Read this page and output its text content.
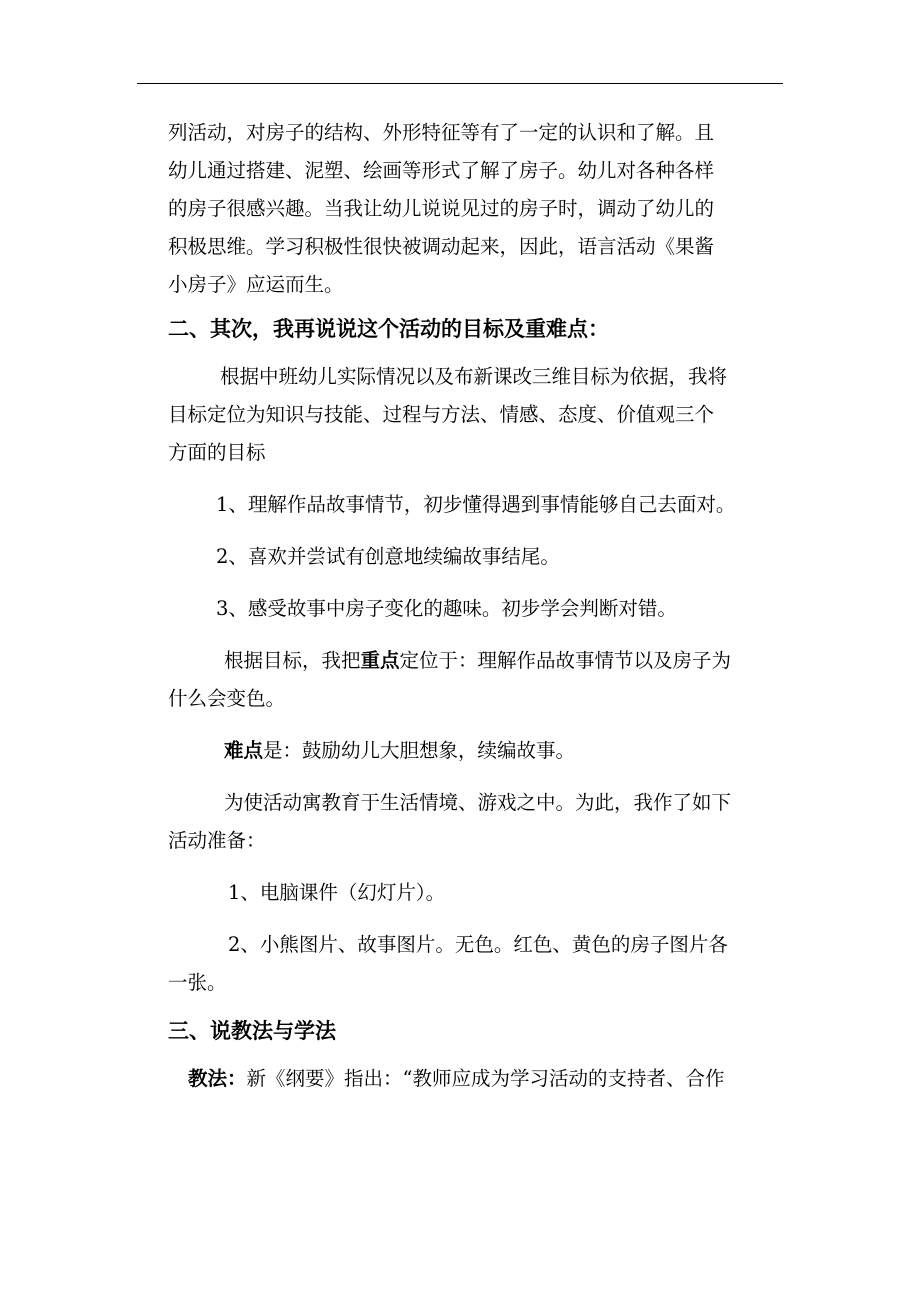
列活动，对房子的结构、外形特征等有了一定的认识和了解。且

幼儿通过搭建、泥塑、绘画等形式了解了房子。幼儿对各种各样

的房子很感兴趣。当我让幼儿说说见过的房子时，调动了幼儿的

积极思维。学习积极性很快被调动起来，因此，语言活动《果酱

小房子》应运而生。

二、其次，我再说说这个活动的目标及重难点：

根据中班幼儿实际情况以及布新课改三维目标为依据，我将

目标定位为知识与技能、过程与方法、情感、态度、价值观三个

方面的目标

1、理解作品故事情节，初步懂得遇到事情能够自己去面对。

2、喜欢并尝试有创意地续编故事结尾。

3、感受故事中房子变化的趣味。初步学会判断对错。

根据目标，我把重点定位于：理解作品故事情节以及房子为

什么会变色。

难点是：鼓励幼儿大胆想象，续编故事。

为使活动寓教育于生活情境、游戏之中。为此，我作了如下

活动准备：

1、电脑课件（幻灯片）。

2、小熊图片、故事图片。无色。红色、黄色的房子图片各

一张。

三、说教法与学法

教法：新《纲要》指出：“教师应成为学习活动的支持者、合作
